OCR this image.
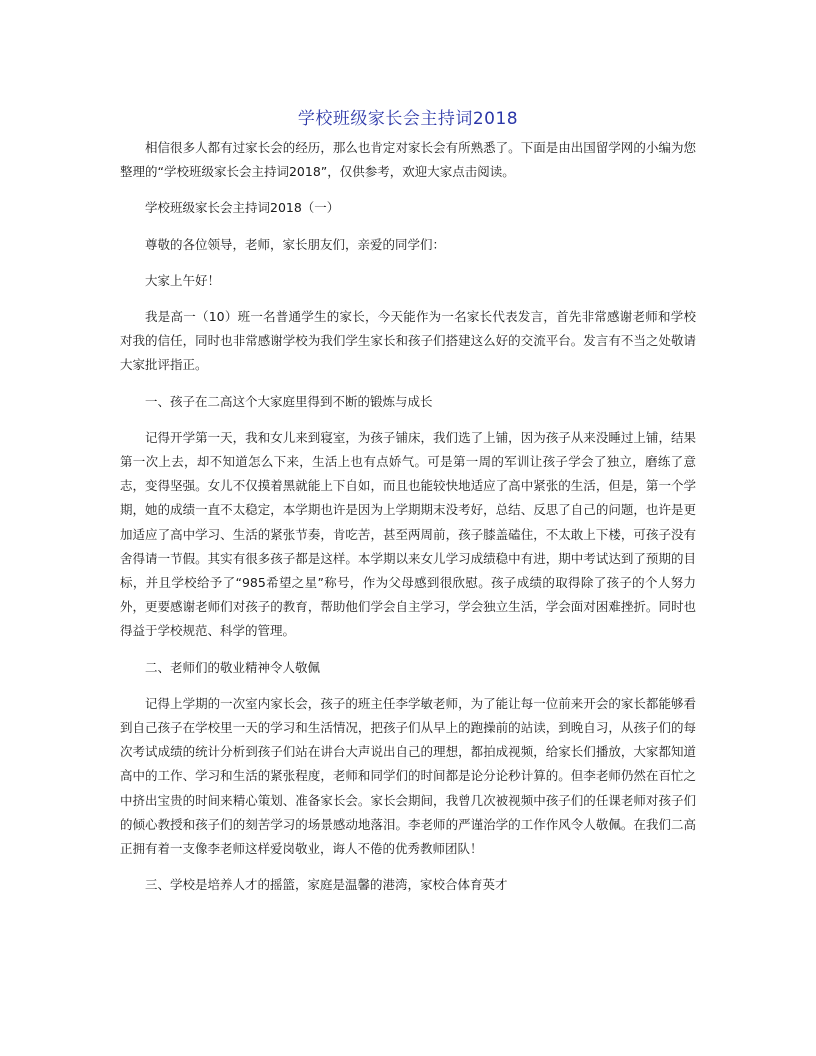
学校班级家长会主持词2018

相信很多人都有过家长会的经历，那么也肯定对家长会有所熟悉了。下面是由出国留学网的小编为您整理的“学校班级家长会主持词2018”，仅供参考，欢迎大家点击阅读。

学校班级家长会主持词2018（一）

尊敬的各位领导，老师，家长朋友们，亲爱的同学们：

大家上午好！

我是高一（10）班一名普通学生的家长，今天能作为一名家长代表发言，首先非常感谢老师和学校对我的信任，同时也非常感谢学校为我们学生家长和孩子们搭建这么好的交流平台。发言有不当之处敬请大家批评指正。

一、孩子在二高这个大家庭里得到不断的锻炼与成长

记得开学第一天，我和女儿来到寝室，为孩子铺床，我们选了上铺，因为孩子从来没睡过上铺，结果第一次上去，却不知道怎么下来，生活上也有点娇气。可是第一周的军训让孩子学会了独立，磨练了意志，变得坚强。女儿不仅摸着黑就能上下自如，而且也能较快地适应了高中紧张的生活，但是，第一个学期，她的成绩一直不太稳定，本学期也许是因为上学期期末没考好，总结、反思了自己的问题，也许是更加适应了高中学习、生活的紧张节奏，肯吃苦，甚至两周前，孩子膝盖磕住，不太敢上下楼，可孩子没有舍得请一节假。其实有很多孩子都是这样。本学期以来女儿学习成绩稳中有进，期中考试达到了预期的目标，并且学校给予了“985希望之星”称号，作为父母感到很欣慰。孩子成绩的取得除了孩子的个人努力外，更要感谢老师们对孩子的教育，帮助他们学会自主学习，学会独立生活，学会面对困难挫折。同时也得益于学校规范、科学的管理。

二、老师们的敬业精神令人敬佩

记得上学期的一次室内家长会，孩子的班主任李学敏老师，为了能让每一位前来开会的家长都能够看到自己孩子在学校里一天的学习和生活情况，把孩子们从早上的跑操前的站读，到晚自习，从孩子们的每次考试成绩的统计分析到孩子们站在讲台大声说出自己的理想，都拍成视频，给家长们播放，大家都知道高中的工作、学习和生活的紧张程度，老师和同学们的时间都是论分论秒计算的。但李老师仍然在百忙之中挤出宝贵的时间来精心策划、准备家长会。家长会期间，我曾几次被视频中孩子们的任课老师对孩子们的倾心教授和孩子们的刻苦学习的场景感动地落泪。李老师的严谨治学的工作作风令人敬佩。在我们二高正拥有着一支像李老师这样爱岗敬业，诲人不倦的优秀教师团队！

三、学校是培养人才的摇篮，家庭是温馨的港湾，家校合体育英才
